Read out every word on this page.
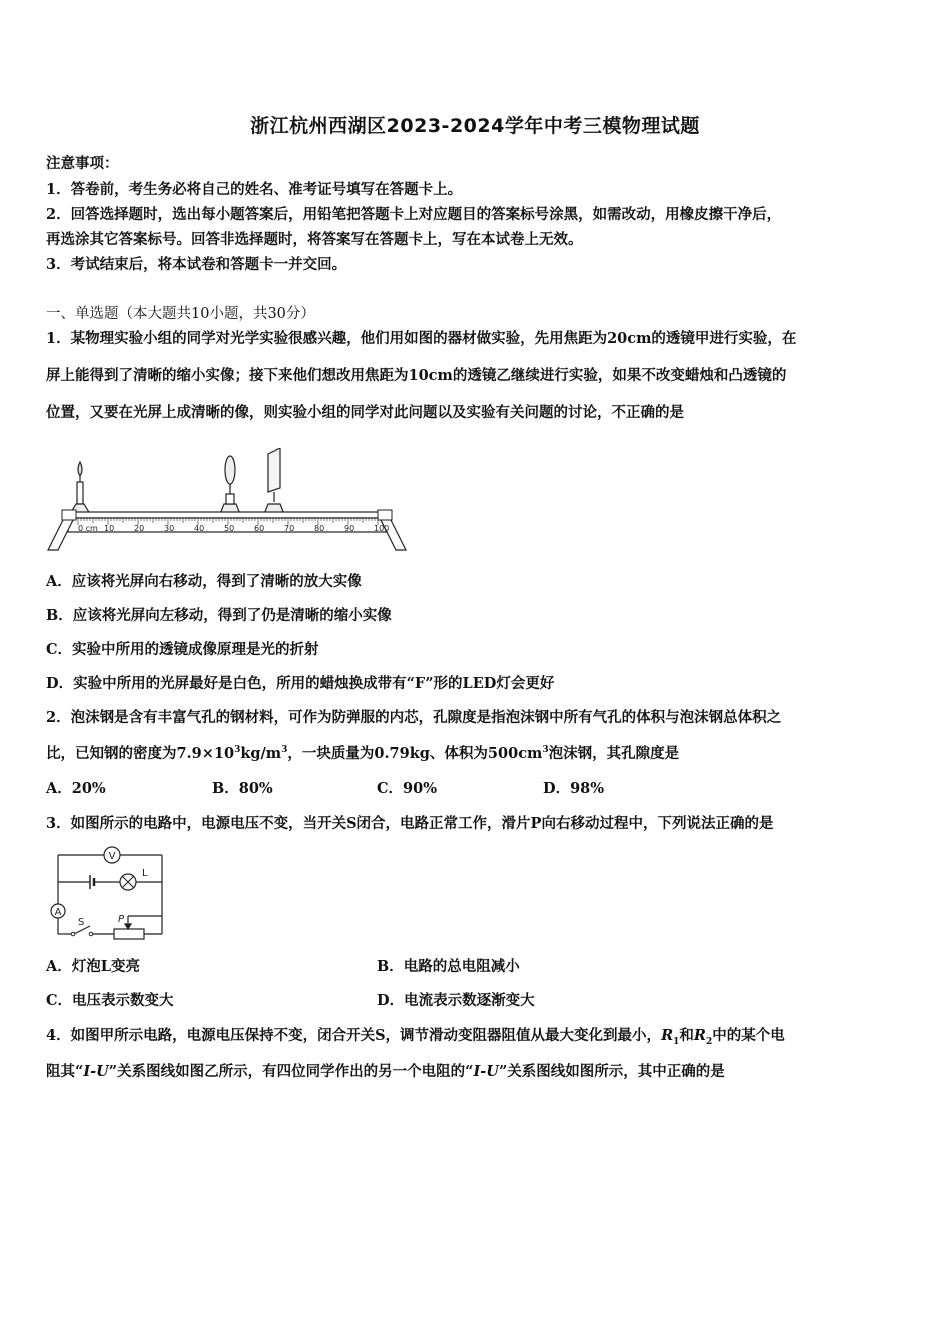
浙江杭州西湖区2023-2024学年中考三模物理试题
注意事项：
1．答卷前，考生务必将自己的姓名、准考证号填写在答题卡上。
2．回答选择题时，选出每小题答案后，用铅笔把答题卡上对应题目的答案标号涂黑，如需改动，用橡皮擦干净后，
再选涂其它答案标号。回答非选择题时，将答案写在答题卡上，写在本试卷上无效。
3．考试结束后，将本试卷和答题卡一并交回。
一、单选题（本大题共10小题，共30分）
1．某物理实验小组的同学对光学实验很感兴趣，他们用如图的器材做实验，先用焦距为20cm的透镜甲进行实验，在
屏上能得到了清晰的缩小实像；接下来他们想改用焦距为10cm的透镜乙继续进行实验，如果不改变蜡烛和凸透镜的
位置，又要在光屏上成清晰的像，则实验小组的同学对此问题以及实验有关问题的讨论，不正确的是
0 cm 10 20 30 40 50 60 70 80 90 100
A．应该将光屏向右移动，得到了清晰的放大实像
B．应该将光屏向左移动，得到了仍是清晰的缩小实像
C．实验中所用的透镜成像原理是光的折射
D．实验中所用的光屏最好是白色，所用的蜡烛换成带有“F”形的LED灯会更好
2．泡沫钢是含有丰富气孔的钢材料，可作为防弹服的内芯，孔隙度是指泡沫钢中所有气孔的体积与泡沫钢总体积之
比，已知钢的密度为$7.9\times 10^3kg/m^3$，一块质量为0.79kg、体积为$500cm^3$泡沫钢，其孔隙度是
A．20%	B．80%	C．90%	D．98%
3．如图所示的电路中，电源电压不变，当开关S闭合，电路正常工作，滑片P向右移动过程中，下列说法正确的是
V
L
A
S	P
A．灯泡L变亮	B．电路的总电阻减小
C．电压表示数变大	D．电流表示数逐渐变大
4．如图甲所示电路，电源电压保持不变，闭合开关S，调节滑动变阻器阻值从最大变化到最小，$R_1$和$R_2$中的某个电
阻其“I-U”关系图线如图乙所示，有四位同学作出的另一个电阻的“I-U”关系图线如图所示，其中正确的是
